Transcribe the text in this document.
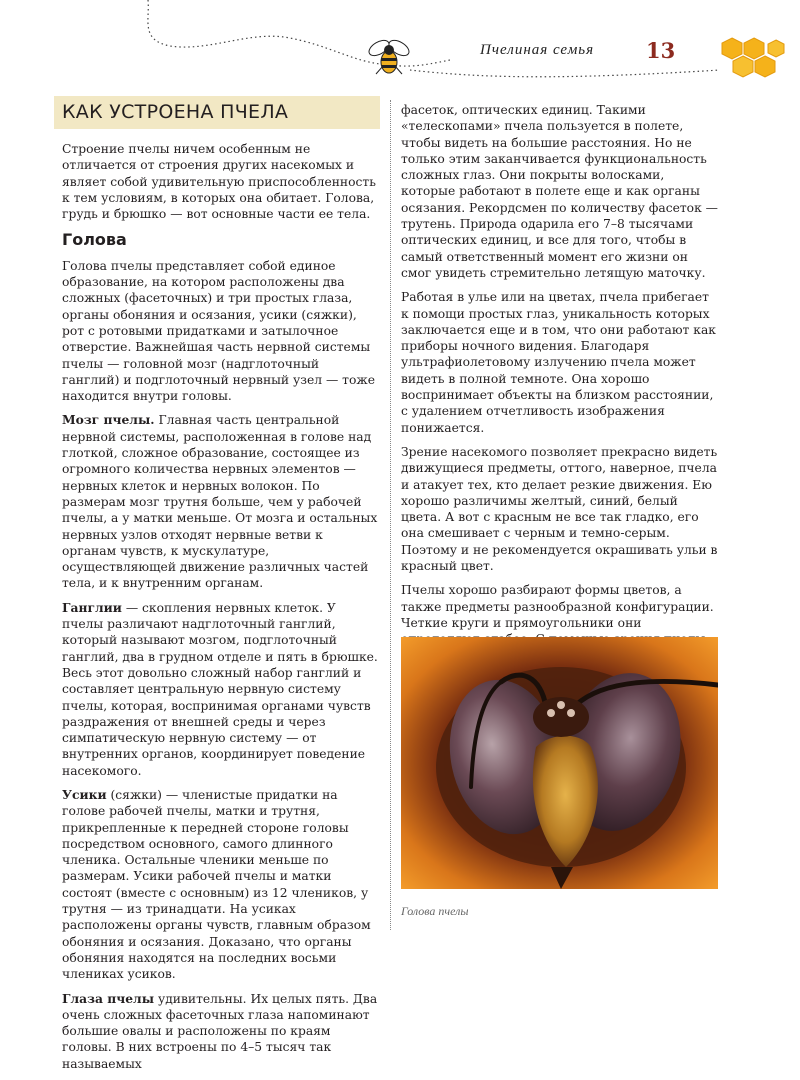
Пчелиная семья	13
КАК УСТРОЕНА ПЧЕЛА

Строение пчелы ничем особенным не отличается от строения других насекомых и являет собой удивительную приспособленность к тем условиям, в которых она обитает. Голова, грудь и брюшко — вот основные части ее тела.

Голова

Голова пчелы представляет собой единое образование, на котором расположены два сложных (фасеточных) и три простых глаза, органы обоняния и осязания, усики (сяжки), рот с ротовыми придатками и затылочное отверстие. Важнейшая часть нервной системы пчелы — головной мозг (надглоточный ганглий) и подглоточный нервный узел — тоже находится внутри головы.

Мозг пчелы. Главная часть центральной нервной системы, расположенная в голове над глоткой, сложное образование, состоящее из огромного количества нервных элементов — нервных клеток и нервных волокон. По размерам мозг трутня больше, чем у рабочей пчелы, а у матки меньше. От мозга и остальных нервных узлов отходят нервные ветви к органам чувств, к мускулатуре, осуществляющей движение различных частей тела, и к внутренним органам.

Ганглии — скопления нервных клеток. У пчелы различают надглоточный ганглий, который называют мозгом, подглоточный ганглий, два в грудном отделе и пять в брюшке. Весь этот довольно сложный набор ганглий и составляет центральную нервную систему пчелы, которая, воспринимая органами чувств раздражения от внешней среды и через симпатическую нервную систему — от внутренних органов, координирует поведение насекомого.

Усики (сяжки) — членистые придатки на голове рабочей пчелы, матки и трутня, прикрепленные к передней стороне головы посредством основного, самого длинного членика. Остальные членики меньше по размерам. Усики рабочей пчелы и матки состоят (вместе с основным) из 12 члеников, у трутня — из тринадцати. На усиках расположены органы чувств, главным образом обоняния и осязания. Доказано, что органы обоняния находятся на последних восьми члениках усиков.

Глаза пчелы удивительны. Их целых пять. Два очень сложных фасеточных глаза напоминают большие овалы и расположены по краям головы. В них встроены по 4–5 тысяч так называемых

фасеток, оптических единиц. Такими «телескопами» пчела пользуется в полете, чтобы видеть на большие расстояния. Но не только этим заканчивается функциональность сложных глаз. Они покрыты волосками, которые работают в полете еще и как органы осязания. Рекордсмен по количеству фасеток — трутень. Природа одарила его 7–8 тысячами оптических единиц, и все для того, чтобы в самый ответственный момент его жизни он смог увидеть стремительно летящую маточку.

Работая в улье или на цветах, пчела прибегает к помощи простых глаз, уникальность которых заключается еще и в том, что они работают как приборы ночного видения. Благодаря ультрафиолетовому излучению пчела может видеть в полной темноте. Она хорошо воспринимает объекты на близком расстоянии, с удалением отчетливость изображения понижается.

Зрение насекомого позволяет прекрасно видеть движущиеся предметы, оттого, наверное, пчела и атакует тех, кто делает резкие движения. Ею хорошо различимы желтый, синий, белый цвета. А вот с красным не все так гладко, его она смешивает с черным и темно-серым. Поэтому и не рекомендуется окрашивать ульи в красный цвет.

Пчелы хорошо разбирают формы цветов, а также предметы разнообразной конфигурации. Четкие круги и прямоугольники они

Голова пчелы
